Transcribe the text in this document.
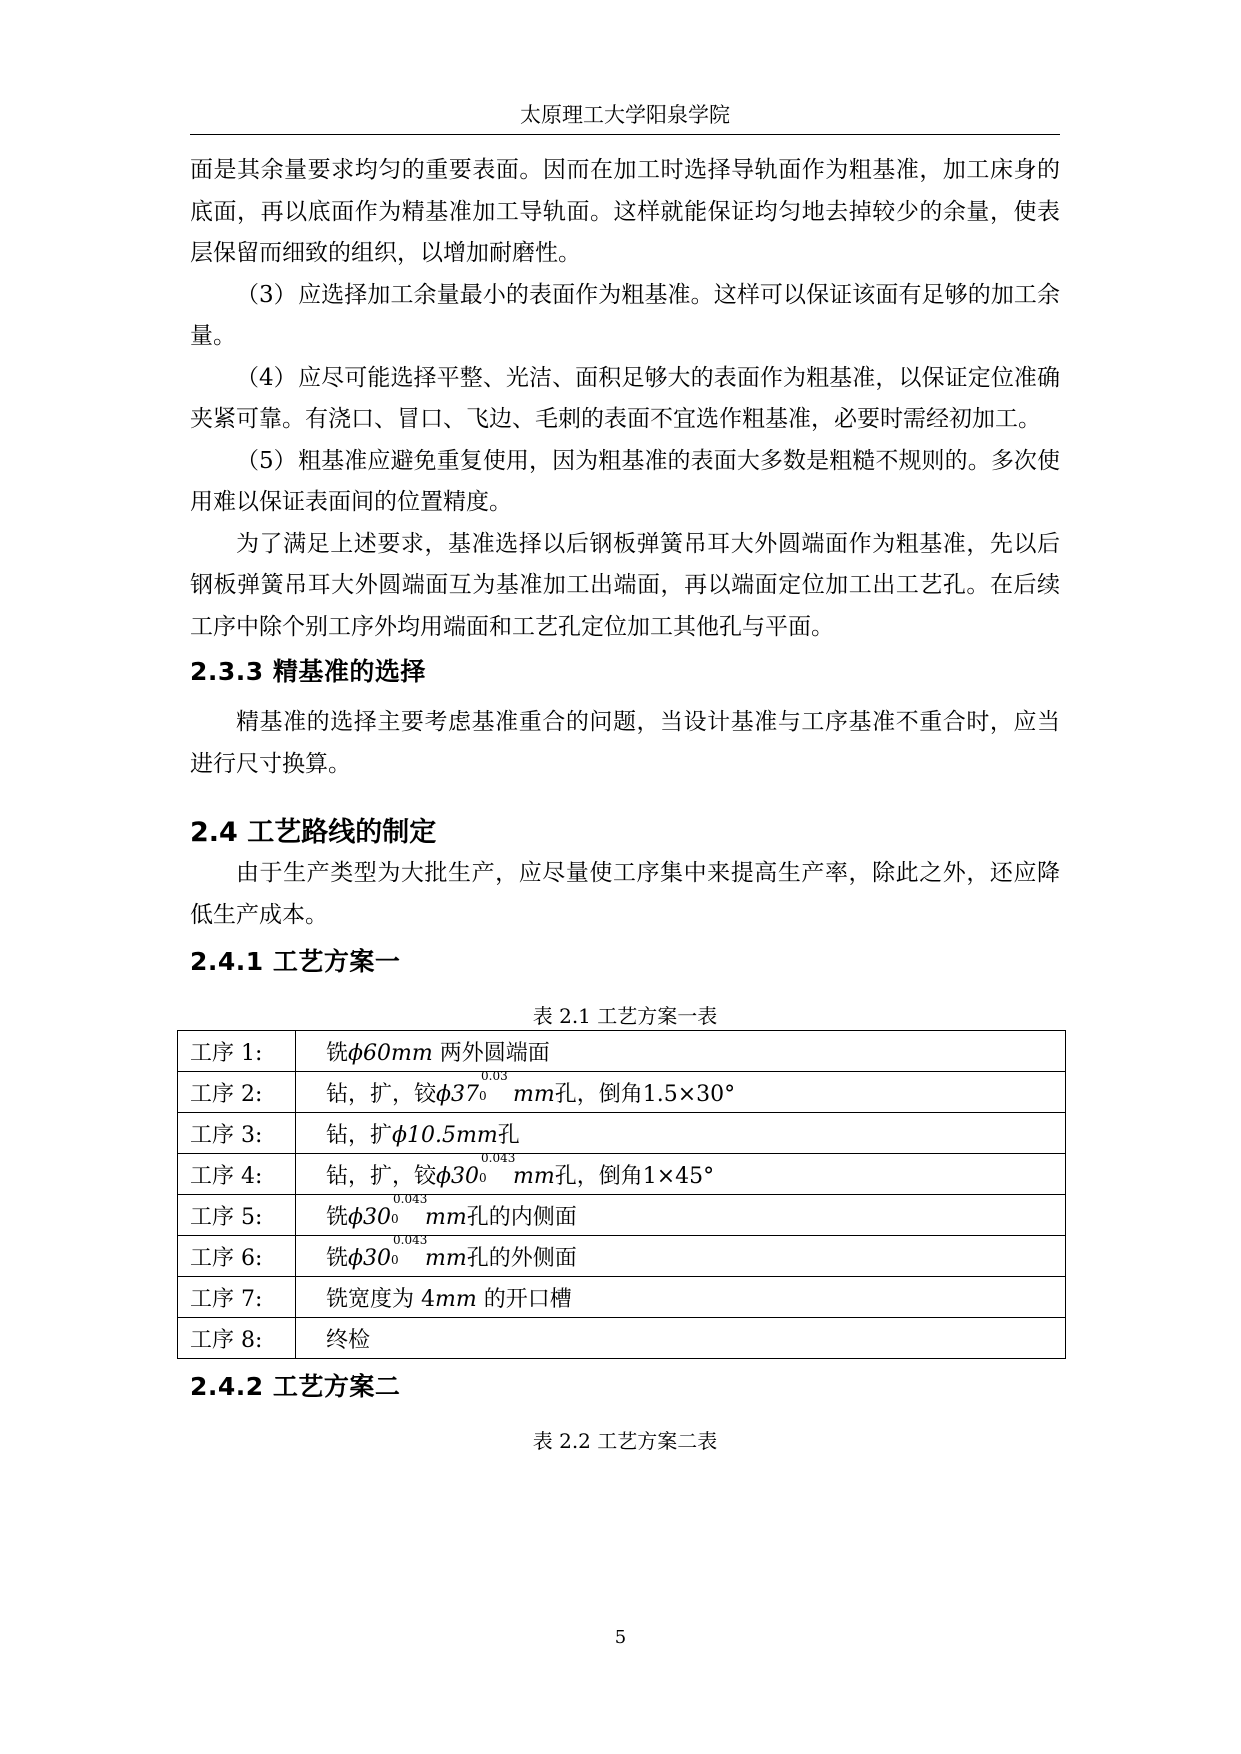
太原理工大学阳泉学院

面是其余量要求均匀的重要表面。因而在加工时选择导轨面作为粗基准，加工床身的底面，再以底面作为精基准加工导轨面。这样就能保证均匀地去掉较少的余量，使表层保留而细致的组织，以增加耐磨性。

（3）应选择加工余量最小的表面作为粗基准。这样可以保证该面有足够的加工余量。

（4）应尽可能选择平整、光洁、面积足够大的表面作为粗基准，以保证定位准确夹紧可靠。有浇口、冒口、飞边、毛刺的表面不宜选作粗基准，必要时需经初加工。

（5）粗基准应避免重复使用，因为粗基准的表面大多数是粗糙不规则的。多次使用难以保证表面间的位置精度。

为了满足上述要求，基准选择以后钢板弹簧吊耳大外圆端面作为粗基准，先以后钢板弹簧吊耳大外圆端面互为基准加工出端面，再以端面定位加工出工艺孔。在后续工序中除个别工序外均用端面和工艺孔定位加工其他孔与平面。

2.3.3 精基准的选择

精基准的选择主要考虑基准重合的问题，当设计基准与工序基准不重合时，应当进行尺寸换算。

2.4 工艺路线的制定

由于生产类型为大批生产，应尽量使工序集中来提高生产率，除此之外，还应降低生产成本。

2.4.1 工艺方案一

表 2.1 工艺方案一表

工序 1:	铣ϕ60mm 两外圆端面
工序 2:	钻，扩，铰ϕ37
0.03
0 mm孔，倒角1.5×30°
工序 3:	钻，扩ϕ10.5mm孔
工序 4:	钻，扩，铰ϕ30
0.043
0 mm孔，倒角1×45°
工序 5:	铣ϕ30
0.043
0 mm孔的内侧面
工序 6:	铣ϕ30
0.043
0 mm孔的外侧面
工序 7:	铣宽度为 4mm 的开口槽
工序 8:	终检
2.4.2 工艺方案二

表 2.2 工艺方案二表

5
